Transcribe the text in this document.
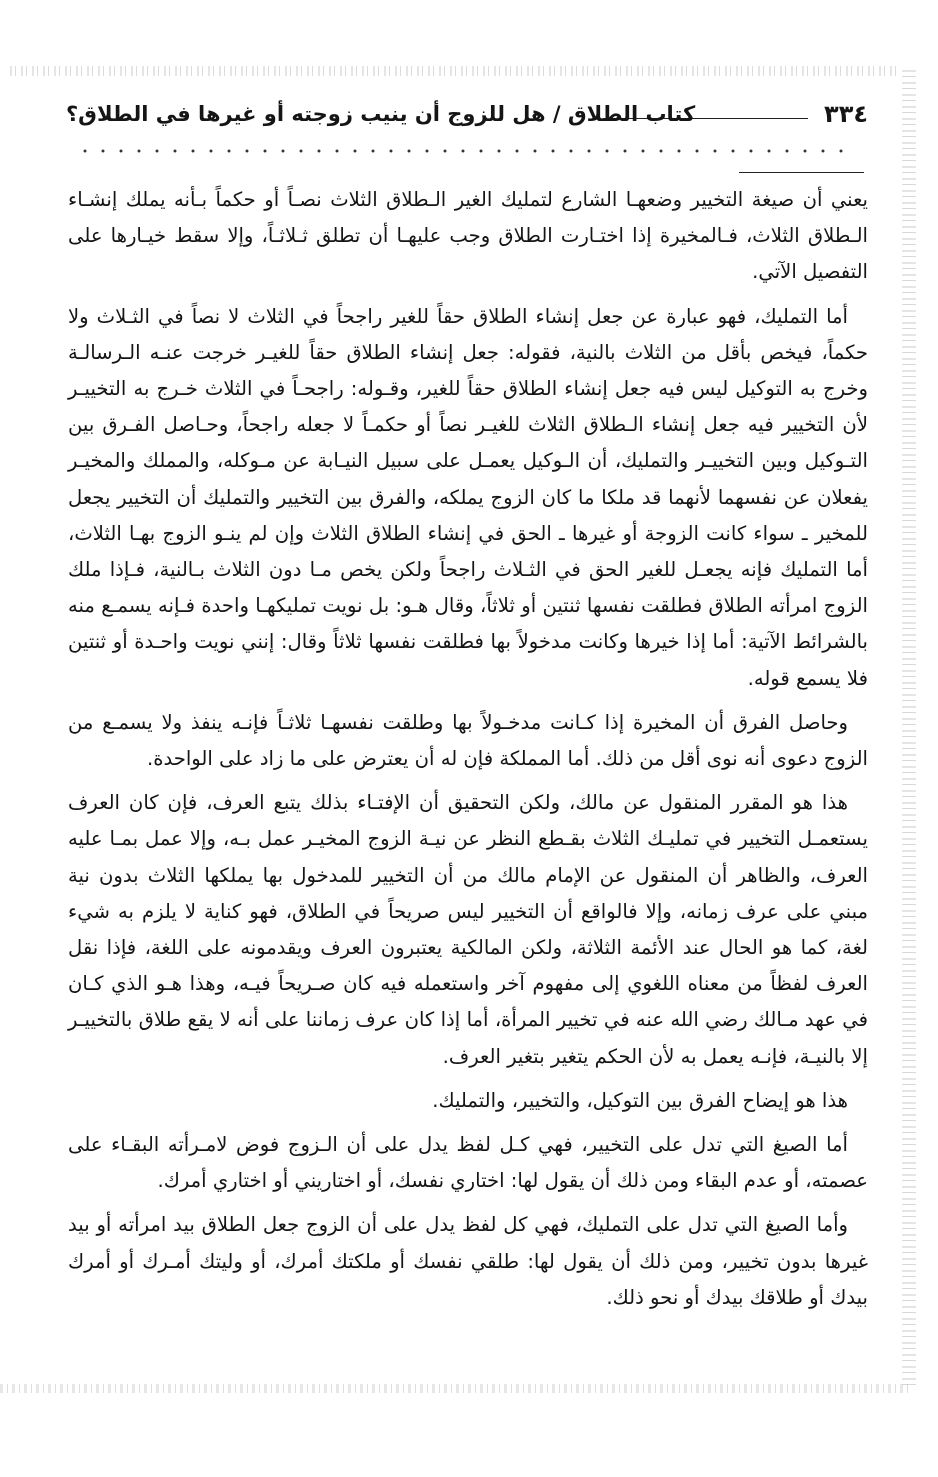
٣٣٤
كتاب الطلاق / هل للزوج أن ينيب زوجته أو غيرها في الطلاق؟

يعني أن صيغة التخيير وضعهـا الشارع لتمليك الغير الـطلاق الثلاث نصـاً أو حكماً بـأنه يملك إنشـاء الـطلاق الثلاث، فـالمخيرة إذا اختـارت الطلاق وجب عليهـا أن تطلق ثـلاثـاً، وإلا سقط خيـارها على التفصيل الآتي.

أما التمليك، فهو عبارة عن جعل إنشاء الطلاق حقاً للغير راجحاً في الثلاث لا نصاً في الثـلاث ولا حكماً، فيخص بأقل من الثلاث بالنية، فقوله: جعل إنشاء الطلاق حقاً للغيـر خرجت عنـه الـرسالـة وخرج به التوكيل ليس فيه جعل إنشاء الطلاق حقاً للغير، وقـوله: راجحـاً في الثلاث خـرج به التخييـر لأن التخيير فيه جعل إنشاء الـطلاق الثلاث للغيـر نصاً أو حكمـاً لا جعله راجحاً، وحـاصل الفـرق بين التـوكيل وبين التخييـر والتمليك، أن الـوكيل يعمـل على سبيل النيـابة عن مـوكله، والمملك والمخيـر يفعلان عن نفسهما لأنهما قد ملكا ما كان الزوج يملكه، والفرق بين التخيير والتمليك أن التخيير يجعل للمخير ـ سواء كانت الزوجة أو غيرها ـ الحق في إنشاء الطلاق الثلاث وإن لم ينـو الزوج بهـا الثلاث، أما التمليك فإنه يجعـل للغير الحق في الثـلاث راجحاً ولكن يخص مـا دون الثلاث بـالنية، فـإذا ملك الزوج امرأته الطلاق فطلقت نفسها ثنتين أو ثلاثاً، وقال هـو: بل نويت تمليكهـا واحدة فـإنه يسمـع منه بالشرائط الآتية: أما إذا خيرها وكانت مدخولاً بها فطلقت نفسها ثلاثاً وقال: إنني نويت واحـدة أو ثنتين فلا يسمع قوله.

وحاصل الفرق أن المخيرة إذا كـانت مدخـولاً بها وطلقت نفسهـا ثلاثـاً فإنـه ينفذ ولا يسمـع من الزوج دعوى أنه نوى أقل من ذلك. أما المملكة فإن له أن يعترض على ما زاد على الواحدة.

هذا هو المقرر المنقول عن مالك، ولكن التحقيق أن الإفتـاء بذلك يتبع العرف، فإن كان العرف يستعمـل التخيير في تمليـك الثلاث بقـطع النظر عن نيـة الزوج المخيـر عمل بـه، وإلا عمل بمـا عليه العرف، والظاهر أن المنقول عن الإمام مالك من أن التخيير للمدخول بها يملكها الثلاث بدون نية مبني على عرف زمانه، وإلا فالواقع أن التخيير ليس صريحاً في الطلاق، فهو كناية لا يلزم به شيء لغة، كما هو الحال عند الأئمة الثلاثة، ولكن المالكية يعتبرون العرف ويقدمونه على اللغة، فإذا نقل العرف لفظاً من معناه اللغوي إلى مفهوم آخر واستعمله فيه كان صـريحاً فيـه، وهذا هـو الذي كـان في عهد مـالك رضي الله عنه في تخيير المرأة، أما إذا كان عرف زماننا على أنه لا يقع طلاق بالتخييـر إلا بالنيـة، فإنـه يعمل به لأن الحكم يتغير بتغير العرف.

هذا هو إيضاح الفرق بين التوكيل، والتخيير، والتمليك.

أما الصيغ التي تدل على التخيير، فهي كـل لفظ يدل على أن الـزوج فوض لامـرأته البقـاء على عصمته، أو عدم البقاء ومن ذلك أن يقول لها: اختاري نفسك، أو اختاريني أو اختاري أمرك.

وأما الصيغ التي تدل على التمليك، فهي كل لفظ يدل على أن الزوج جعل الطلاق بيد امرأته أو بيد غيرها بدون تخيير، ومن ذلك أن يقول لها: طلقي نفسك أو ملكتك أمرك، أو وليتك أمـرك أو أمرك بيدك أو طلاقك بيدك أو نحو ذلك.
